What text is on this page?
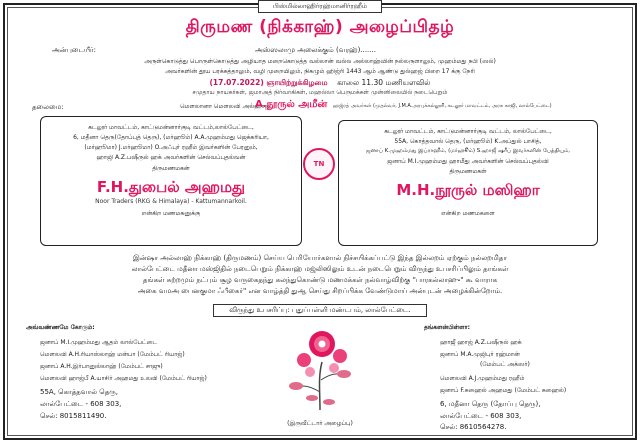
பிஸ்மில்லாஹிர்ரஹ்மானிர்ரஹீம்
திருமண (நிக்காஹ்) அழைப்பிதழ்
அன்புடையீர்:	அஸ்ஸலாமு அலைக்கும் (வரஹ்).......
அருள்கொடுத்து பொருள்கொடுத்து அழியாத மறைகொடுத்த வல்லான் வல்ல அல்லாஹ்வின் நல்லருளாலும், முஹம்மது நபி (ஸல்)
அவர்களின் தூய பரக்கத்தாலும், வழி முறையிலும், நிகழும் ஹிஜ்ரி 1443 ஆம் ஆண்டு துல்ஹஜ் பிறை 17 க்கு நேரி
(17.07.2022) ஞாயிற்றுக்கிழமை காலை 11.30 மணியளவில்
சமுதாய நாயகர்கள், ஜமாஅத் நிர்வாகிகள், மஹல்லா பெருமக்கள் முன்னிலையில் நடைபெறும்
தலைமை:	மௌலானா மௌலவி அல்ஹாஜ்
A.நூருல் அமீன் ஹஜ்ரத் அவர்கள் (முதல்வர், J.M.A.அரபுக்கல்லூரி, கடலூர் மாவட்டம், அரசு காஜி, லால்பேட்டை)
கடலூர் மாவட்டம், காட்டுமன்னார்குடி வட்டம்,லால்பேட்டை,
6, மதீனா தெரு(தோப்புத் தெரு), (மர்ஹூம்) A.A.முஹம்மது ஜெக்கரியா,
(மர்ஹூமா) J.மர்ஹூமா) O.அஃபுர் ரஹீம் இவர்களின் பேரனும்,
ஹாஜி A.Z.பஷீருல் ஹக் அவர்களின் செல்வப்புதல்வன்
திருமணமகன்
F.H.துபைல் அஹமது
Noor Traders (RKG & Himalaya) - Kattumannarkoil.
என்கிற மணமகனுக்கு
கடலூர் மாவட்டம், காட்டுமன்னார்குடி வட்டம், லால்பேட்டை,
55A, கொத்தவால் தெரு, (மர்ஹூம்) K.அப்துல் பாசித்,
ஜனாப் K.முஹம்மது இப்ராஹீம், (மர்ஹூம்) S.ஹாஜீ ஷரீப் இவர்களின் பேத்தியும்,
ஜனாப் M.I.முஹம்மது ஹாமீது அவர்களின் செல்வப்புதல்வி
திருமணமகள்
M.H.நூருல் மஸிஹா
என்கிற மணமகளை
TN
இன்ஷா அல்லாஹ் நிக்காஹ் (திருமணம்) செய்ய பெரியோர்களால் நிச்சயிக்கப்பட்டு இந்த இல்லறம் ஏற்கும் நல்லறமிதா
லால்பேட்டை மதீனா மஸ்ஜிதில் நடைபெறும் நிக்காஹ் மஜ்லிஸிலும் உடன் நடைபெறும் விருந்து உபசரிப்பிலும் தாங்கள்
தங்கள் சுற்றமும் நட்பும் சூழ வருகைதந்து கலந்துகொண்டு மணமக்கள் நல்வாழ்விற்கு "பாரகல்லாஹு" கூ வாராக
அகை வமஅ பைனகுமா ஃபீகைர்" என வாழ்த்தி துஆ செய்து சிறப்பிக்க வேண்டுமாய் அன்புடன் அழைக்கின்றோம்.
விருந்து உபசரிப்பு: புதுப்பள்ளி மண்டபம், லால்பேட்டை.
அவ்வண்ணமே கோரும்:
ஜனாப் M.I.முஹம்மது ஆதம் லால்பேட்டை
மௌலவி A.H.ரியாஸ்லாஹ் மன்பா (மேம்பட் ரியாஜ்)
ஜனாப் A.H.இர்பானுல்லாஹ் (மேம்பட் சாஜு)
மௌலவி ஹாஜ்பீ A.யாசிர் அஹமது உலவி (மேம்பட் ரியாஜ்)
55A, கொத்தவால் தெரு,
லால்பேட்டை - 608 303,
செல்: 8015811490.
(இருவீட்டார் அழைப்பு)
தங்களன்பிள்ளா:
ஹாஜீ ஹாஜ் A.Z.பஷீருல் ஹக்
ஜனாப் M.A.முஜிபுர் ரஹ்மான்
(மேம்பட் அக்ஸர்)
மௌலவி A.J.முஹம்மது ரஹீம்
ஜனாப் F.சுஹைல் அஹமது (மேம்பட் சுஹைல்)
6, மதீனா தெரு (தோப்பு தெரு),
லால்பேட்டை - 608 303,
செல்: 8610564278.
